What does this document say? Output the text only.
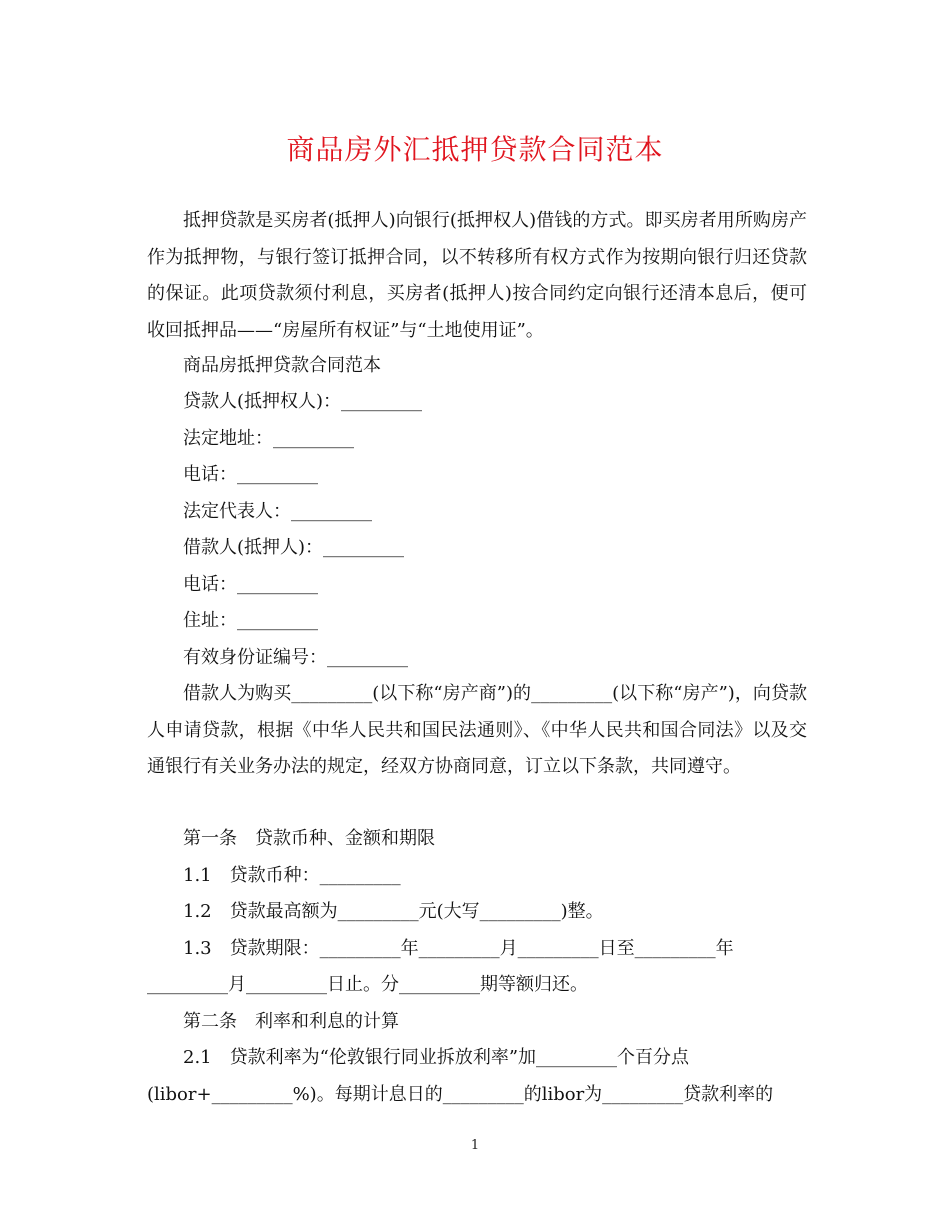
商品房外汇抵押贷款合同范本

抵押贷款是买房者(抵押人)向银行(抵押权人)借钱的方式。即买房者用所购房产作为抵押物，与银行签订抵押合同，以不转移所有权方式作为按期向银行归还贷款的保证。此项贷款须付利息，买房者(抵押人)按合同约定向银行还清本息后，便可收回抵押品——“房屋所有权证”与“土地使用证”。

商品房抵押贷款合同范本
贷款人(抵押权人)：_________
法定地址：_________
电话：_________
法定代表人：_________
借款人(抵押人)：_________
电话：_________
住址：_________
有效身份证编号：_________

借款人为购买_________(以下称“房产商”)的_________(以下称“房产”)，向贷款人申请贷款，根据《中华人民共和国民法通则》、《中华人民共和国合同法》以及交通银行有关业务办法的规定，经双方协商同意，订立以下条款，共同遵守。

第一条　贷款币种、金额和期限
1.1　贷款币种：_________
1.2　贷款最高额为_________元(大写_________)整。
1.3　贷款期限：_________年_________月_________日至_________年
_________月_________日止。分_________期等额归还。
第二条　利率和利息的计算
2.1　贷款利率为“伦敦银行同业拆放利率”加_________个百分点
(libor+_________%)。每期计息日的_________的libor为_________贷款利率的
1
